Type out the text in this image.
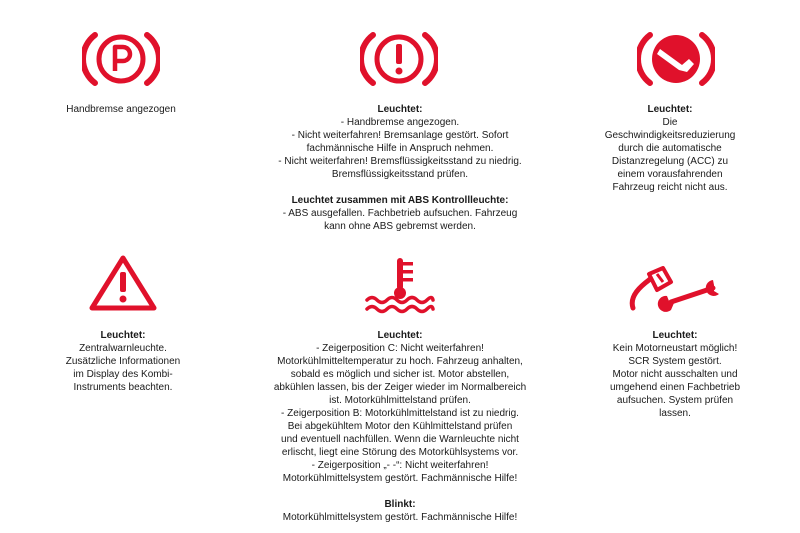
Handbremse angezogen	Leuchtet:
- Handbremse angezogen.
- Nicht weiterfahren! Bremsanlage gestört. Sofort
fachmännische Hilfe in Anspruch nehmen.
- Nicht weiterfahren! Bremsflüssigkeitsstand zu niedrig.
Bremsflüssigkeitsstand prüfen.
Leuchtet zusammen mit ABS Kontrollleuchte:
- ABS ausgefallen. Fachbetrieb aufsuchen. Fahrzeug
kann ohne ABS gebremst werden.
Leuchtet:
Die
Geschwindigkeitsreduzierung
durch die automatische
Distanzregelung (ACC) zu
einem vorausfahrenden
Fahrzeug reicht nicht aus.
Leuchtet:
Zentralwarnleuchte.
Zusätzliche Informationen
im Display des Kombi-
Instruments beachten.
Leuchtet:
- Zeigerposition C: Nicht weiterfahren!
Motorkühlmitteltemperatur zu hoch. Fahrzeug anhalten,
sobald es möglich und sicher ist. Motor abstellen,
abkühlen lassen, bis der Zeiger wieder im Normalbereich
ist. Motorkühlmittelstand prüfen.
- Zeigerposition B: Motorkühlmittelstand ist zu niedrig.
Bei abgekühltem Motor den Kühlmittelstand prüfen
und eventuell nachfüllen. Wenn die Warnleuchte nicht
erlischt, liegt eine Störung des Motorkühlsystems vor.
- Zeigerposition „- -“: Nicht weiterfahren!
Motorkühlmittelsystem gestört. Fachmännische Hilfe!
Blinkt:
Motorkühlmittelsystem gestört. Fachmännische Hilfe!
Leuchtet:
Kein Motorneustart möglich!
SCR System gestört.
Motor nicht ausschalten und
umgehend einen Fachbetrieb
aufsuchen. System prüfen
lassen.
